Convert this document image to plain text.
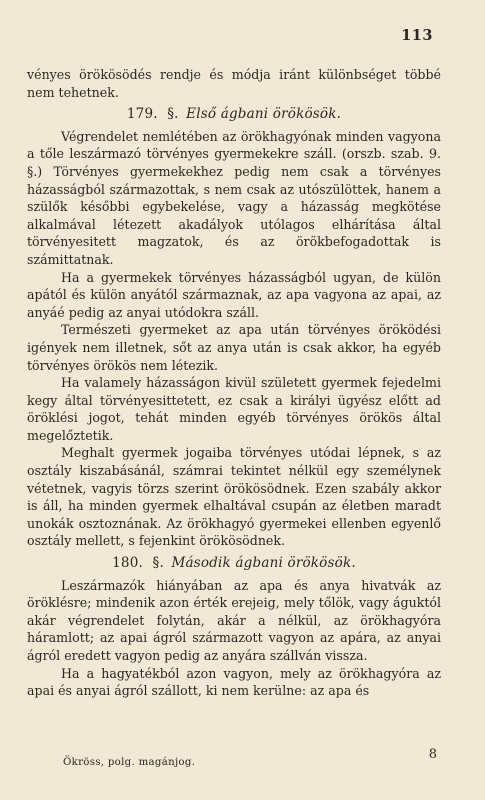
113

vényes örökösödés rendje és módja iránt különbséget többé nem tehetnek.

179. §. Első ágbani örökösök.

Végrendelet nemlétében az örökhagyónak minden vagyona a tőle leszármazó törvényes gyermekekre száll. (orszb. szab. 9. §.) Törvényes gyermekekhez pedig nem csak a törvényes házasságból származottak, s nem csak az utószülöttek, hanem a szülők későbbi egybekelése, vagy a házasság megkötése alkalmával létezett akadályok utólagos elhárítása által törvényesitett magzatok, és az örökbefogadottak is számittatnak.

Ha a gyermekek törvényes házasságból ugyan, de külön apától és külön anyától származnak, az apa vagyona az apai, az anyáé pedig az anyai utódokra száll.

Természeti gyermeket az apa után törvényes öröködési igények nem illetnek, sőt az anya után is csak akkor, ha egyéb törvényes örökös nem létezik.

Ha valamely házasságon kivül született gyermek fejedelmi kegy által törvényesittetett, ez csak a királyi ügyész előtt ad öröklési jogot, tehát minden egyéb törvényes örökös által megelőztetik.

Meghalt gyermek jogaiba törvényes utódai lépnek, s az osztály kiszabásánál, számrai tekintet nélkül egy személynek vétetnek, vagyis törzs szerint örökösödnek. Ezen szabály akkor is áll, ha minden gyermek elhaltával csupán az életben maradt unokák osztoznának. Az örökhagyó gyermekei ellenben egyenlő osztály mellett, s fejenkint örökösödnek.

180. §. Második ágbani örökösök.

Leszármazók hiányában az apa és anya hivatvák az öröklésre; mindenik azon érték erejeig, mely tőlök, vagy águktól akár végrendelet folytán, akár a nélkül, az örökhagyóra háramlott; az apai ágról származott vagyon az apára, az anyai ágról eredett vagyon pedig az anyára szállván vissza.

Ha a hagyatékból azon vagyon, mely az örökhagyóra az apai és anyai ágról szállott, ki nem kerülne: az apa és

Ökröss, polg. magánjog.
8
